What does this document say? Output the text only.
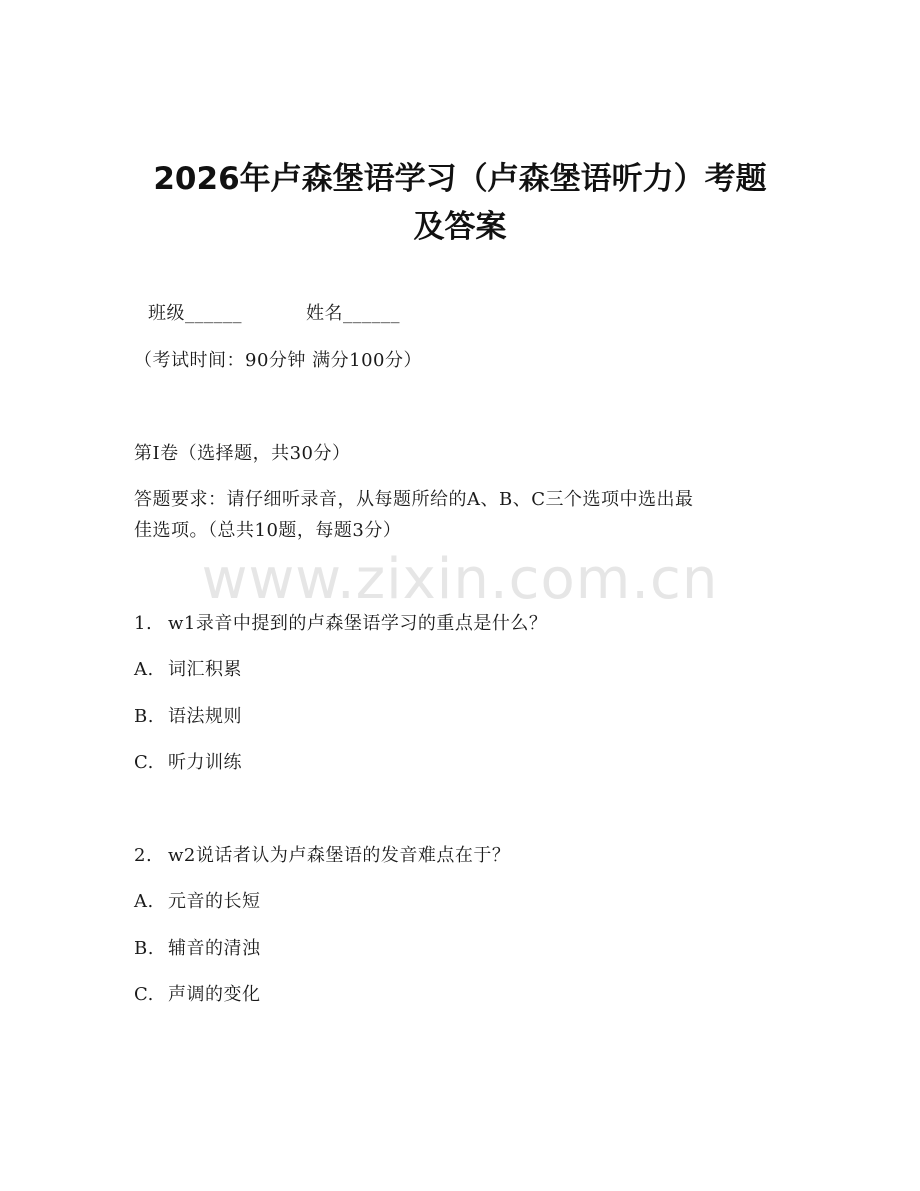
2026年卢森堡语学习（卢森堡语听力）考题
及答案
班级______	姓名______
（考试时间：90分钟 满分100分）
第I卷（选择题，共30分）
答题要求：请仔细听录音，从每题所给的A、B、C三个选项中选出最
佳选项。（总共10题，每题3分）
www.zixin.com.cn
1. w1录音中提到的卢森堡语学习的重点是什么？
A. 词汇积累
B. 语法规则
C. 听力训练
2. w2说话者认为卢森堡语的发音难点在于？
A. 元音的长短
B. 辅音的清浊
C. 声调的变化
